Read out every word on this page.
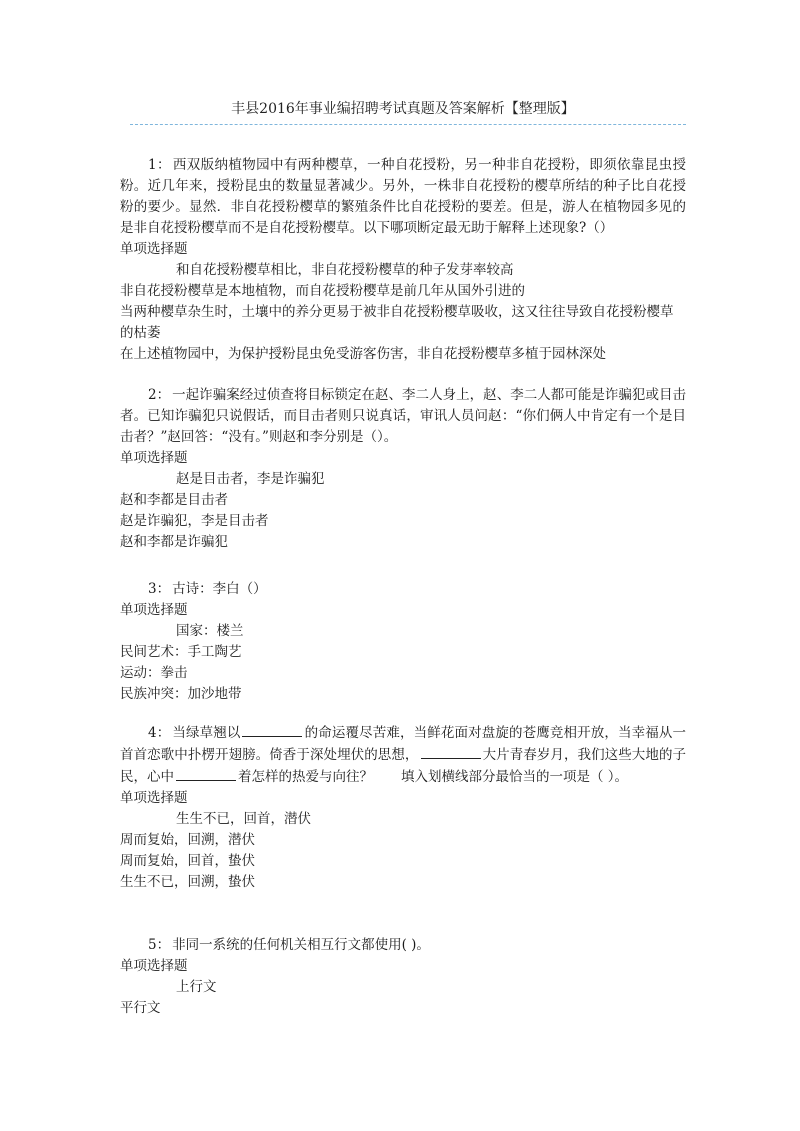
丰县2016年事业编招聘考试真题及答案解析【整理版】

1： 西双版纳植物园中有两种樱草，一种自花授粉，另一种非自花授粉，即须依靠昆虫授粉。近几年来，授粉昆虫的数量显著减少。另外，一株非自花授粉的樱草所结的种子比自花授粉的要少。显然．非自花授粉樱草的繁殖条件比自花授粉的要差。但是，游人在植物园多见的是非自花授粉樱草而不是自花授粉樱草。以下哪项断定最无助于解释上述现象?（）

单项选择题

和自花授粉樱草相比，非自花授粉樱草的种子发芽率较高

非自花授粉樱草是本地植物，而自花授粉樱草是前几年从国外引进的

当两种樱草杂生时，土壤中的养分更易于被非自花授粉樱草吸收，这又往往导致自花授粉樱草的枯萎

在上述植物园中，为保护授粉昆虫免受游客伤害，非自花授粉樱草多植于园林深处

2： 一起诈骗案经过侦查将目标锁定在赵、李二人身上，赵、李二人都可能是诈骗犯或目击者。已知诈骗犯只说假话，而目击者则只说真话，审讯人员问赵：“你们俩人中肯定有一个是目击者？”赵回答：“没有。”则赵和李分别是（）。

单项选择题

赵是目击者，李是诈骗犯

赵和李都是目击者

赵是诈骗犯，李是目击者

赵和李都是诈骗犯

3： 古诗：李白（）

单项选择题

国家：楼兰

民间艺术：手工陶艺

运动：拳击

民族冲突：加沙地带

4： 当绿草翘以	的命运覆尽苦难，当鲜花面对盘旋的苍鹰竞相开放，当幸福从一首首恋歌中扑楞开翅膀。倚香于深处埋伏的思想，	大片青春岁月，我们这些大地的子民，心中	着怎样的热爱与向往？ 填入划横线部分最恰当的一项是（ ）。

单项选择题

生生不已，回首，潜伏

周而复始，回溯，潜伏

周而复始，回首，蛰伏

生生不已，回溯，蛰伏

5： 非同一系统的任何机关相互行文都使用( )。

单项选择题

上行文

平行文
